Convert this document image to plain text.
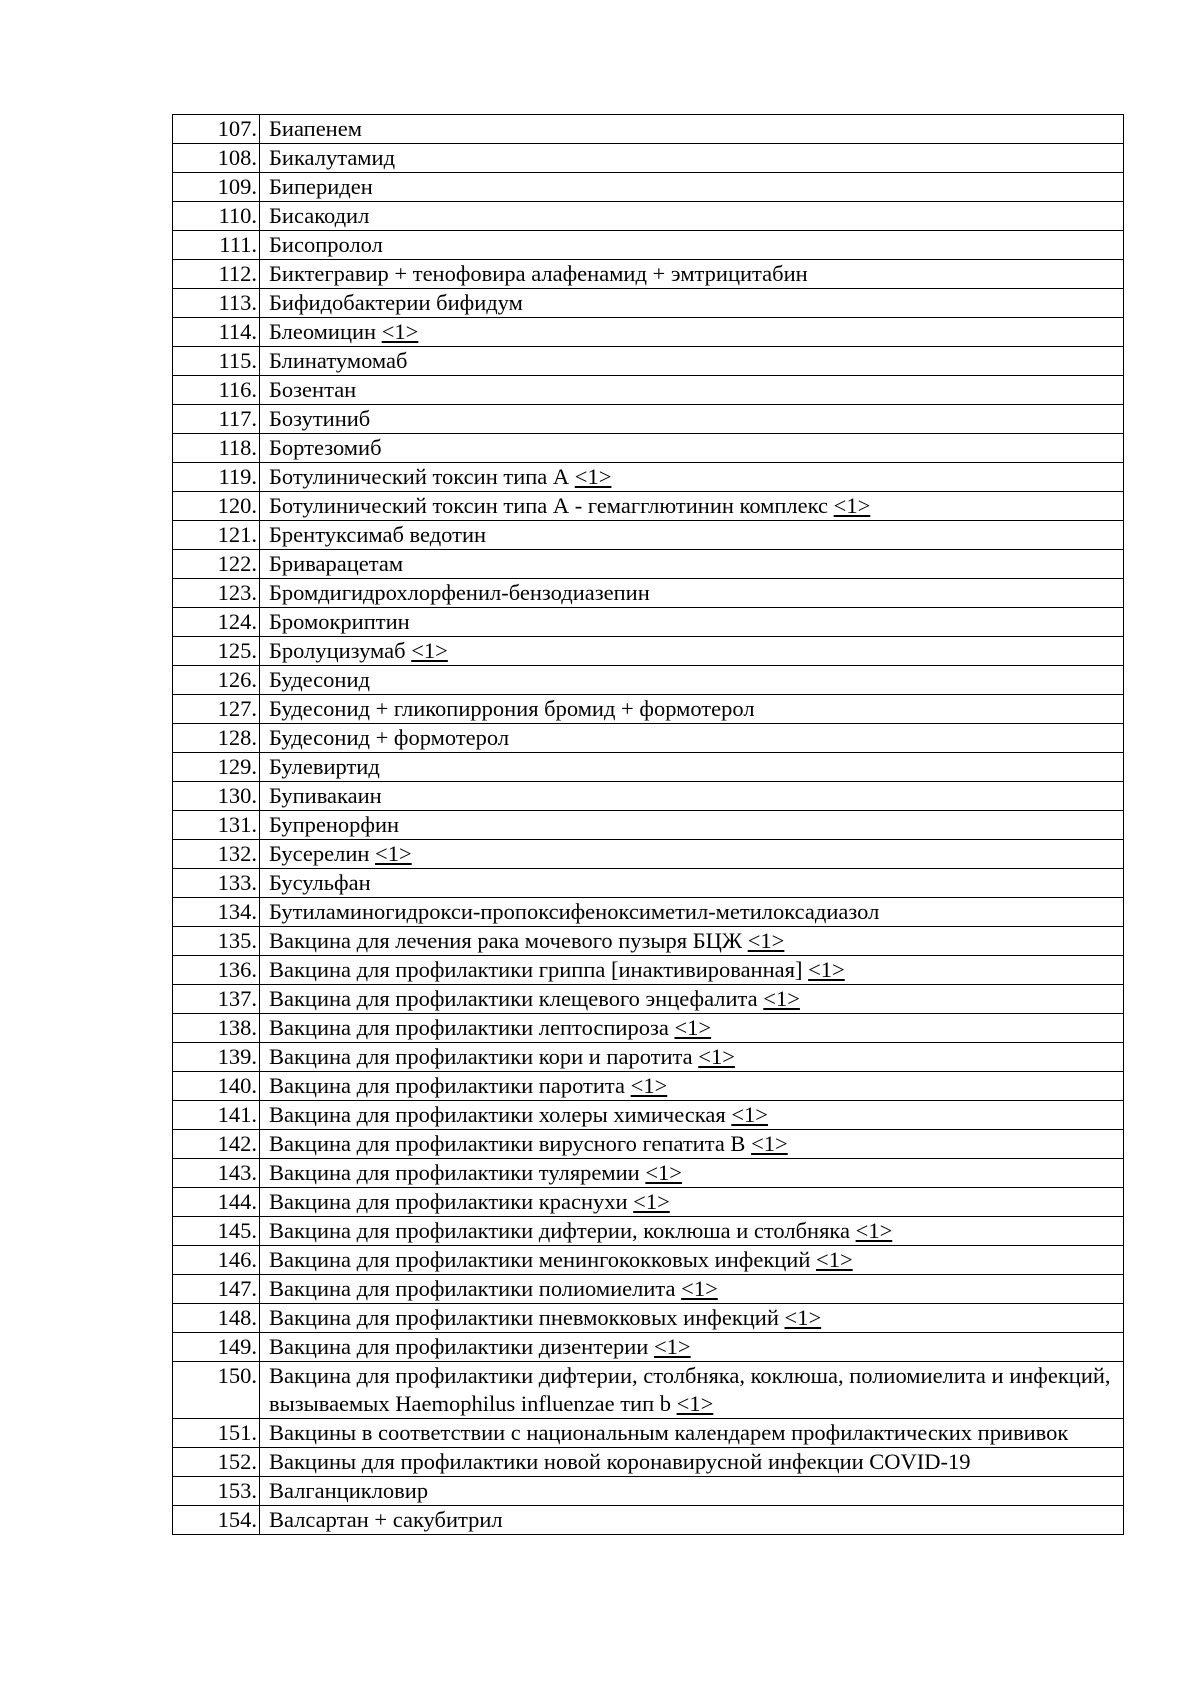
107.	Биапенем
108.	Бикалутамид
109.	Бипериден
110.	Бисакодил
111.	Бисопролол
112.	Биктегравир + тенофовира алафенамид + эмтрицитабин
113.	Бифидобактерии бифидум
114.	Блеомицин <1>
115.	Блинатумомаб
116.	Бозентан
117.	Бозутиниб
118.	Бортезомиб
119.	Ботулинический токсин типа А <1>
120.	Ботулинический токсин типа А - гемагглютинин комплекс <1>
121.	Брентуксимаб ведотин
122.	Бриварацетам
123.	Бромдигидрохлорфенил-бензодиазепин
124.	Бромокриптин
125.	Бролуцизумаб <1>
126.	Будесонид
127.	Будесонид + гликопиррония бромид + формотерол
128.	Будесонид + формотерол
129.	Булевиртид
130.	Бупивакаин
131.	Бупренорфин
132.	Бусерелин <1>
133.	Бусульфан
134.	Бутиламиногидрокси-пропоксифеноксиметил-метилоксадиазол
135.	Вакцина для лечения рака мочевого пузыря БЦЖ <1>
136.	Вакцина для профилактики гриппа [инактивированная] <1>
137.	Вакцина для профилактики клещевого энцефалита <1>
138.	Вакцина для профилактики лептоспироза <1>
139.	Вакцина для профилактики кори и паротита <1>
140.	Вакцина для профилактики паротита <1>
141.	Вакцина для профилактики холеры химическая <1>
142.	Вакцина для профилактики вирусного гепатита B <1>
143.	Вакцина для профилактики туляремии <1>
144.	Вакцина для профилактики краснухи <1>
145.	Вакцина для профилактики дифтерии, коклюша и столбняка <1>
146.	Вакцина для профилактики менингококковых инфекций <1>
147.	Вакцина для профилактики полиомиелита <1>
148.	Вакцина для профилактики пневмокковых инфекций <1>
149.	Вакцина для профилактики дизентерии <1>
150.	Вакцина для профилактики дифтерии, столбняка, коклюша, полиомиелита и инфекций, вызываемых Haemophilus influenzae тип b <1>
151.	Вакцины в соответствии с национальным календарем профилактических прививок
152.	Вакцины для профилактики новой коронавирусной инфекции COVID-19
153.	Валганцикловир
154.	Валсартан + сакубитрил
